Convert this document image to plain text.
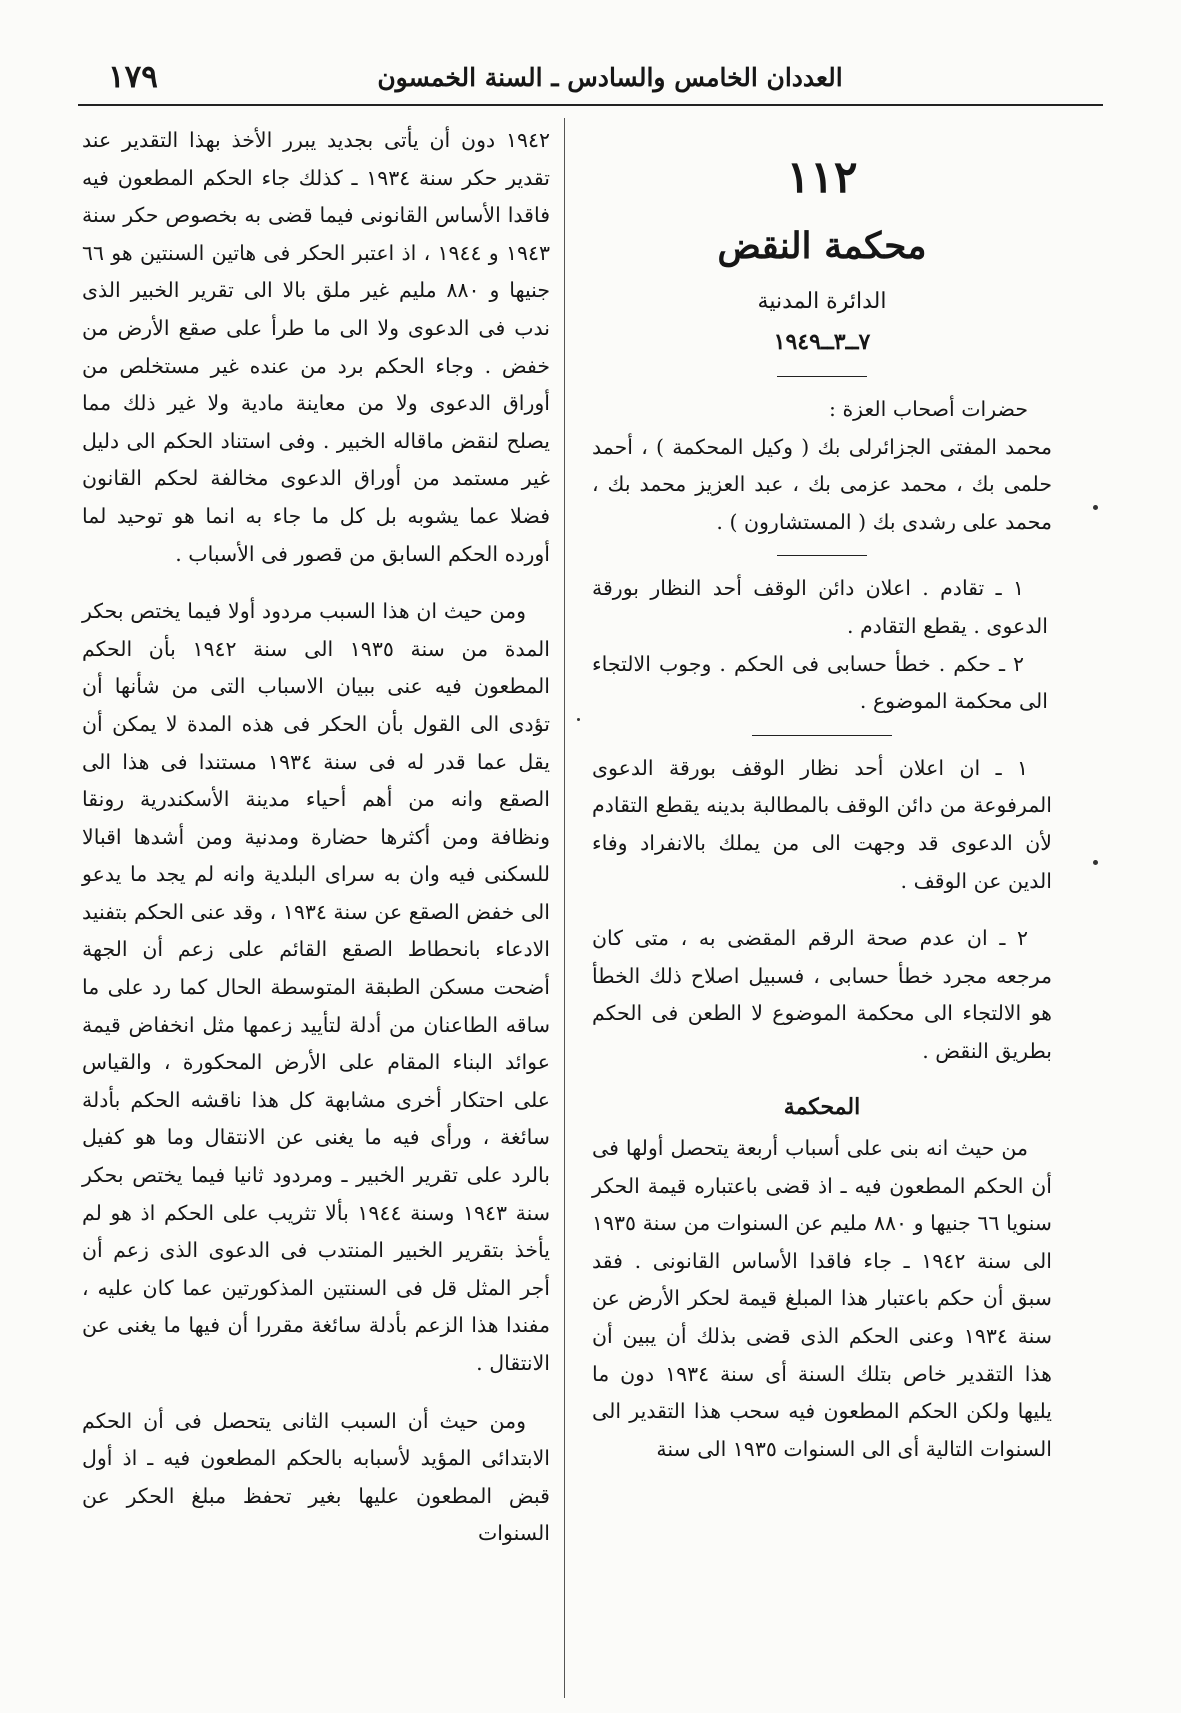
١٧٩	العددان الخامس والسادس ـ السنة الخمسون

١١٢

محكمة النقض

الدائرة المدنية

٧ــ٣ــ١٩٤٩

حضرات أصحاب العزة :

محمد المفتى الجزائرلى بك ( وكيل المحكمة ) ، أحمد حلمى بك ، محمد عزمى بك ، عبد العزيز محمد بك ، محمد على رشدى بك ( المستشارون ) .

١ ـ تقادم . اعلان دائن الوقف أحد النظار بورقة الدعوى . يقطع التقادم .

٢ ـ حكم . خطأ حسابى فى الحكم . وجوب الالتجاء الى محكمة الموضوع .

١ ـ ان اعلان أحد نظار الوقف بورقة الدعوى المرفوعة من دائن الوقف بالمطالبة بدينه يقطع التقادم لأن الدعوى قد وجهت الى من يملك بالانفراد وفاء الدين عن الوقف .

٢ ـ ان عدم صحة الرقم المقضى به ، متى كان مرجعه مجرد خطأ حسابى ، فسبيل اصلاح ذلك الخطأ هو الالتجاء الى محكمة الموضوع لا الطعن فى الحكم بطريق النقض .

المحكمة

من حيث انه بنى على أسباب أربعة يتحصل أولها فى أن الحكم المطعون فيه ـ اذ قضى باعتباره قيمة الحكر سنويا ٦٦ جنيها و ٨٨٠ مليم عن السنوات من سنة ١٩٣٥ الى سنة ١٩٤٢ ـ جاء فاقدا الأساس القانونى . فقد سبق أن حكم باعتبار هذا المبلغ قيمة لحكر الأرض عن سنة ١٩٣٤ وعنى الحكم الذى قضى بذلك أن يبين أن هذا التقدير خاص بتلك السنة أى سنة ١٩٣٤ دون ما يليها ولكن الحكم المطعون فيه سحب هذا التقدير الى السنوات التالية أى الى السنوات ١٩٣٥ الى سنة

١٩٤٢ دون أن يأتى بجديد يبرر الأخذ بهذا التقدير عند تقدير حكر سنة ١٩٣٤ ـ كذلك جاء الحكم المطعون فيه فاقدا الأساس القانونى فيما قضى به بخصوص حكر سنة ١٩٤٣ و ١٩٤٤ ، اذ اعتبر الحكر فى هاتين السنتين هو ٦٦ جنيها و ٨٨٠ مليم غير ملق بالا الى تقرير الخبير الذى ندب فى الدعوى ولا الى ما طرأ على صقع الأرض من خفض . وجاء الحكم برد من عنده غير مستخلص من أوراق الدعوى ولا من معاينة مادية ولا غير ذلك مما يصلح لنقض ماقاله الخبير . وفى استناد الحكم الى دليل غير مستمد من أوراق الدعوى مخالفة لحكم القانون فضلا عما يشوبه بل كل ما جاء به انما هو توحيد لما أورده الحكم السابق من قصور فى الأسباب .

ومن حيث ان هذا السبب مردود أولا فيما يختص بحكر المدة من سنة ١٩٣٥ الى سنة ١٩٤٢ بأن الحكم المطعون فيه عنى ببيان الاسباب التى من شأنها أن تؤدى الى القول بأن الحكر فى هذه المدة لا يمكن أن يقل عما قدر له فى سنة ١٩٣٤ مستندا فى هذا الى الصقع وانه من أهم أحياء مدينة الأسكندرية رونقا ونظافة ومن أكثرها حضارة ومدنية ومن أشدها اقبالا للسكنى فيه وان به سراى البلدية وانه لم يجد ما يدعو الى خفض الصقع عن سنة ١٩٣٤ ، وقد عنى الحكم بتفنيد الادعاء بانحطاط الصقع القائم على زعم أن الجهة أضحت مسكن الطبقة المتوسطة الحال كما رد على ما ساقه الطاعنان من أدلة لتأييد زعمها مثل انخفاض قيمة عوائد البناء المقام على الأرض المحكورة ، والقياس على احتكار أخرى مشابهة كل هذا ناقشه الحكم بأدلة سائغة ، ورأى فيه ما يغنى عن الانتقال وما هو كفيل بالرد على تقرير الخبير ـ ومردود ثانيا فيما يختص بحكر سنة ١٩٤٣ وسنة ١٩٤٤ بألا تثريب على الحكم اذ هو لم يأخذ بتقرير الخبير المنتدب فى الدعوى الذى زعم أن أجر المثل قل فى السنتين المذكورتين عما كان عليه ، مفندا هذا الزعم بأدلة سائغة مقررا أن فيها ما يغنى عن الانتقال .

ومن حيث أن السبب الثانى يتحصل فى أن الحكم الابتدائى المؤيد لأسبابه بالحكم المطعون فيه ـ اذ أول قبض المطعون عليها بغير تحفظ مبلغ الحكر عن السنوات
